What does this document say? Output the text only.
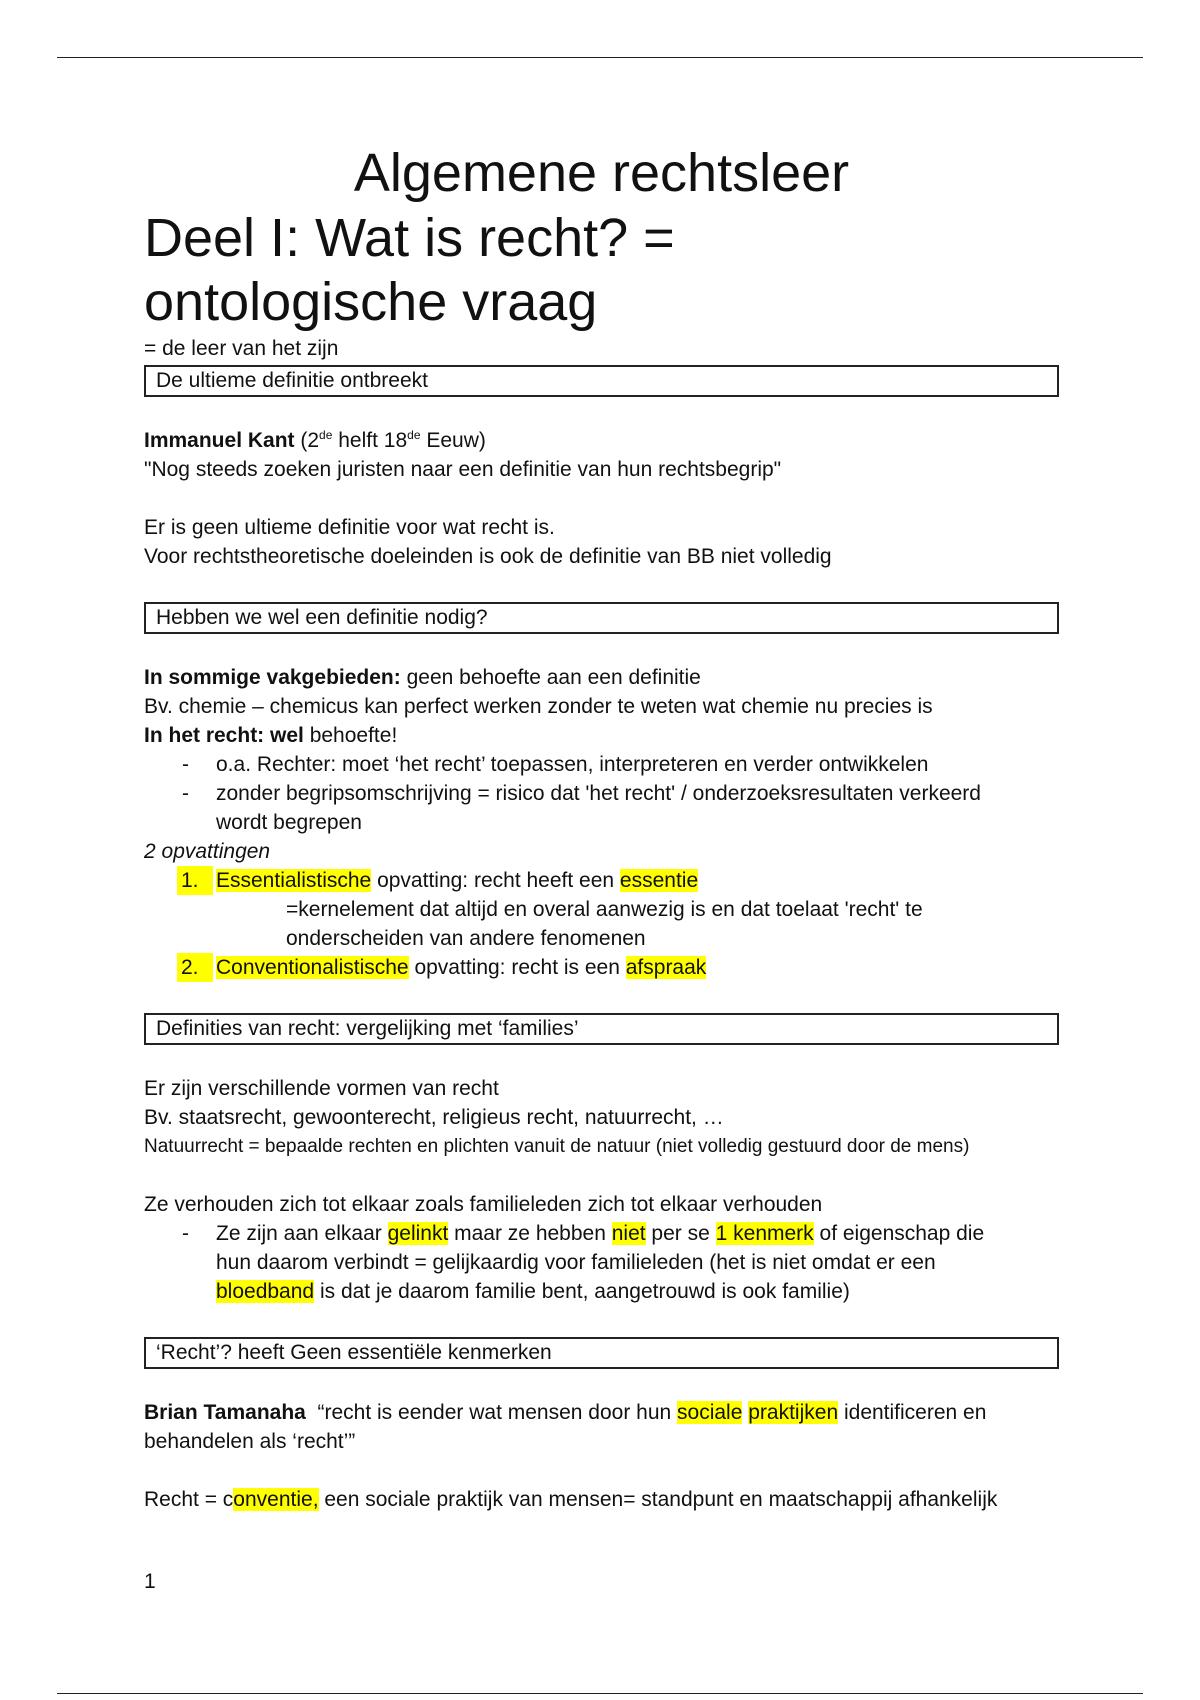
Algemene rechtsleer
Deel I: Wat is recht? =
ontologische vraag

= de leer van het zijn

De ultieme definitie ontbreekt

Immanuel Kant (2de helft 18de Eeuw)

"Nog steeds zoeken juristen naar een definitie van hun rechtsbegrip"

Er is geen ultieme definitie voor wat recht is.

Voor rechtstheoretische doeleinden is ook de definitie van BB niet volledig

Hebben we wel een definitie nodig?

In sommige vakgebieden: geen behoefte aan een definitie

Bv. chemie – chemicus kan perfect werken zonder te weten wat chemie nu precies is

In het recht: wel behoefte!

- o.a. Rechter: moet ‘het recht’ toepassen, interpreteren en verder ontwikkelen
- zonder begripsomschrijving = risico dat 'het recht' / onderzoeksresultaten verkeerd
wordt begrepen

2 opvattingen

1. Essentialistische opvatting: recht heeft een essentie

=kernelement dat altijd en overal aanwezig is en dat toelaat 'recht' te

onderscheiden van andere fenomenen

2. Conventionalistische opvatting: recht is een afspraak
Definities van recht: vergelijking met ‘families’

Er zijn verschillende vormen van recht

Bv. staatsrecht, gewoonterecht, religieus recht, natuurrecht, …

Natuurrecht = bepaalde rechten en plichten vanuit de natuur (niet volledig gestuurd door de mens)

Ze verhouden zich tot elkaar zoals familieleden zich tot elkaar verhouden

- Ze zijn aan elkaar gelinkt maar ze hebben niet per se 1 kenmerk of eigenschap die
hun daarom verbindt = gelijkaardig voor familieleden (het is niet omdat er een
bloedband is dat je daarom familie bent, aangetrouwd is ook familie)
‘Recht’? heeft Geen essentiële kenmerken

Brian Tamanaha  “recht is eender wat mensen door hun sociale praktijken identificeren en

behandelen als ‘recht’”

Recht = conventie, een sociale praktijk van mensen= standpunt en maatschappij afhankelijk

1
